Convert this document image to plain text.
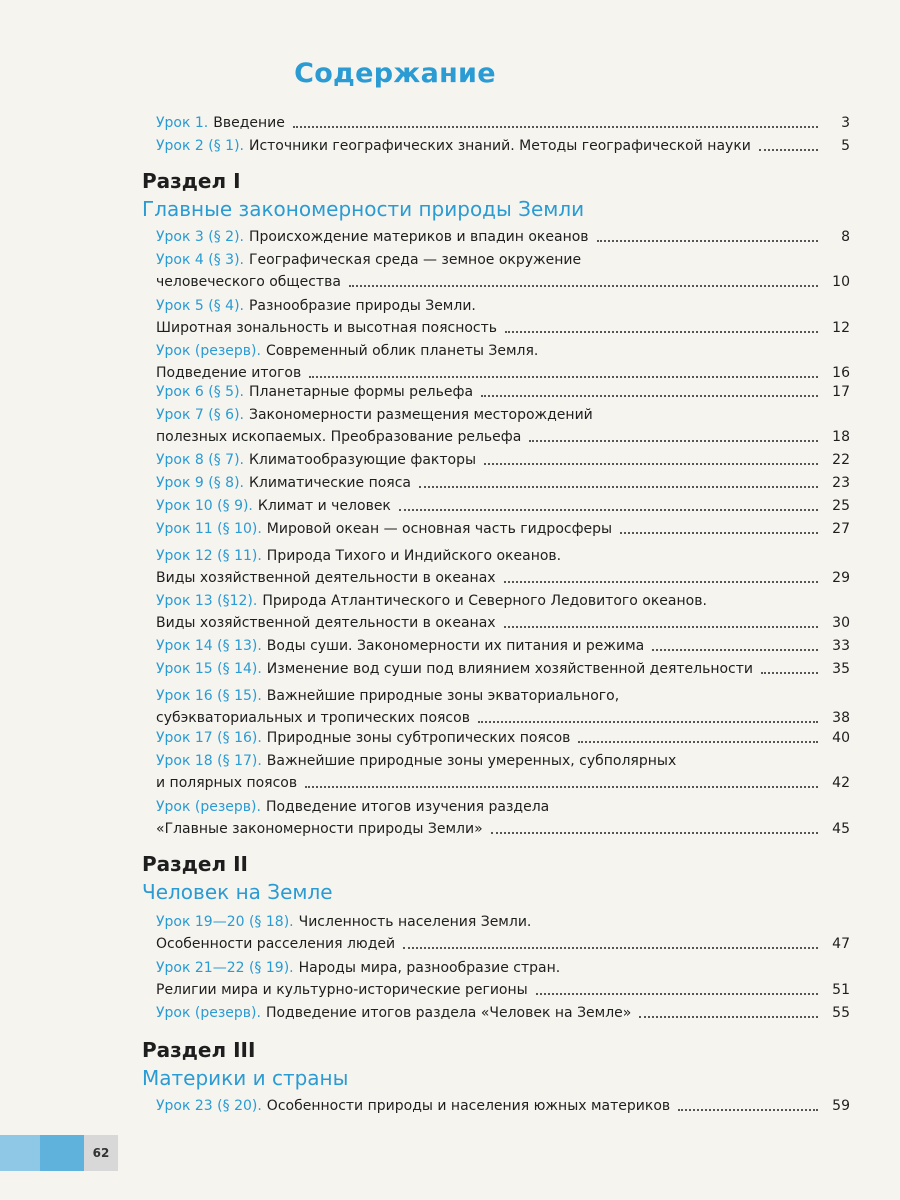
Содержание
Раздел I
Главные закономерности природы Земли
Раздел II
Человек на Земле
Раздел III
Материки и страны
Урок 1. Введение	3
Урок 2 (§ 1). Источники географических знаний. Методы географической науки	5
Урок 3 (§ 2). Происхождение материков и впадин океанов	8
Урок 4 (§ 3). Географическая среда — земное окружение
человеческого общества	10
Урок 5 (§ 4). Разнообразие природы Земли.
Широтная зональность и высотная поясность	12
Урок (резерв). Современный облик планеты Земля.
Подведение итогов	16
Урок 6 (§ 5). Планетарные формы рельефа	17
Урок 7 (§ 6). Закономерности размещения месторождений
полезных ископаемых. Преобразование рельефа	18
Урок 8 (§ 7). Климатообразующие факторы	22
Урок 9 (§ 8). Климатические пояса	23
Урок 10 (§ 9). Климат и человек	25
Урок 11 (§ 10). Мировой океан — основная часть гидросферы	27
Урок 12 (§ 11). Природа Тихого и Индийского океанов.
Виды хозяйственной деятельности в океанах	29
Урок 13 (§12). Природа Атлантического и Северного Ледовитого океанов.
Виды хозяйственной деятельности в океанах	30
Урок 14 (§ 13). Воды суши. Закономерности их питания и режима	33
Урок 15 (§ 14). Изменение вод суши под влиянием хозяйственной деятельности	35
Урок 16 (§ 15). Важнейшие природные зоны экваториального,
субэкваториальных и тропических поясов	38
Урок 17 (§ 16). Природные зоны субтропических поясов	40
Урок 18 (§ 17). Важнейшие природные зоны умеренных, субполярных
и полярных поясов	42
Урок (резерв). Подведение итогов изучения раздела
«Главные закономерности природы Земли»	45
Урок 19—20 (§ 18). Численность населения Земли.
Особенности расселения людей	47
Урок 21—22 (§ 19). Народы мира, разнообразие стран.
Религии мира и культурно-исторические регионы	51
Урок (резерв). Подведение итогов раздела «Человек на Земле»	55
Урок 23 (§ 20). Особенности природы и населения южных материков	59
62
